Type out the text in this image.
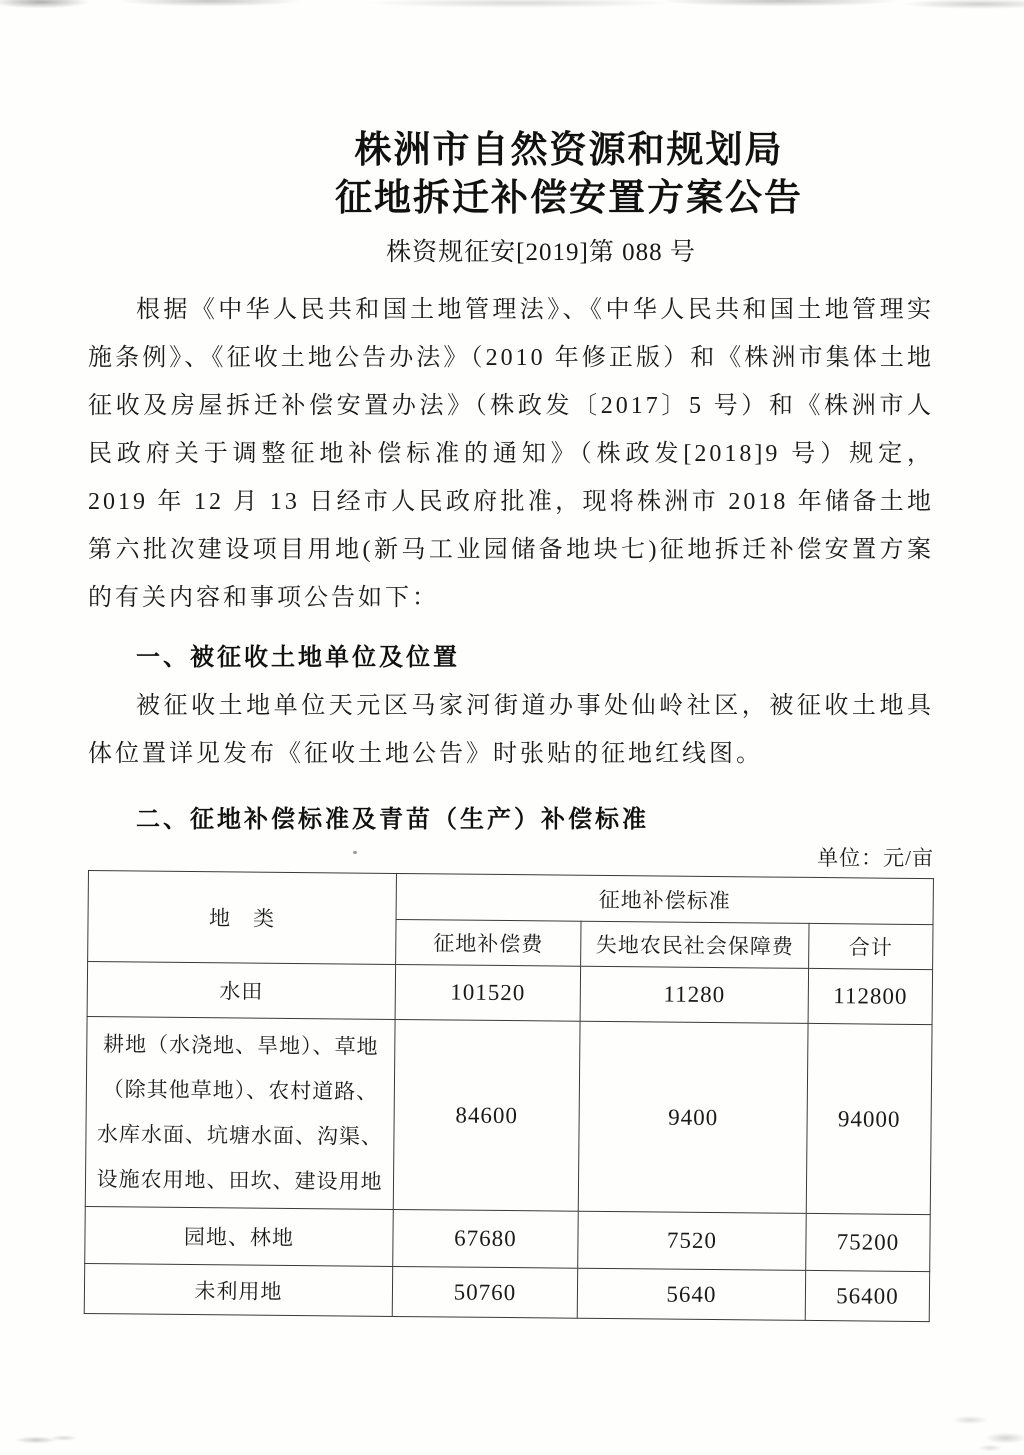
株洲市自然资源和规划局
征地拆迁补偿安置方案公告
株资规征安[2019]第 088 号

根据《中华人民共和国土地管理法》、《中华人民共和国土地管理实施条例》、《征收土地公告办法》（2010 年修正版）和《株洲市集体土地征收及房屋拆迁补偿安置办法》（株政发〔2017〕5 号）和《株洲市人民政府关于调整征地补偿标准的通知》（株政发[2018]9 号）规定，2019 年 12 月 13 日经市人民政府批准，现将株洲市 2018 年储备土地第六批次建设项目用地(新马工业园储备地块七)征地拆迁补偿安置方案的有关内容和事项公告如下：

一、被征收土地单位及位置

被征收土地单位天元区马家河街道办事处仙岭社区，被征收土地具体位置详见发布《征收土地公告》时张贴的征地红线图。

二、征地补偿标准及青苗（生产）补偿标准
单位：元/亩
地　类	征地补偿标准		
	征地补偿费	失地农民社会保障费	合计
水田	101520	11280	112800
耕地（水浇地、旱地）、草地（除其他草地）、农村道路、水库水面、坑塘水面、沟渠、设施农用地、田坎、建设用地	84600	9400	94000
园地、林地	67680	7520	75200
未利用地	50760	5640	56400
